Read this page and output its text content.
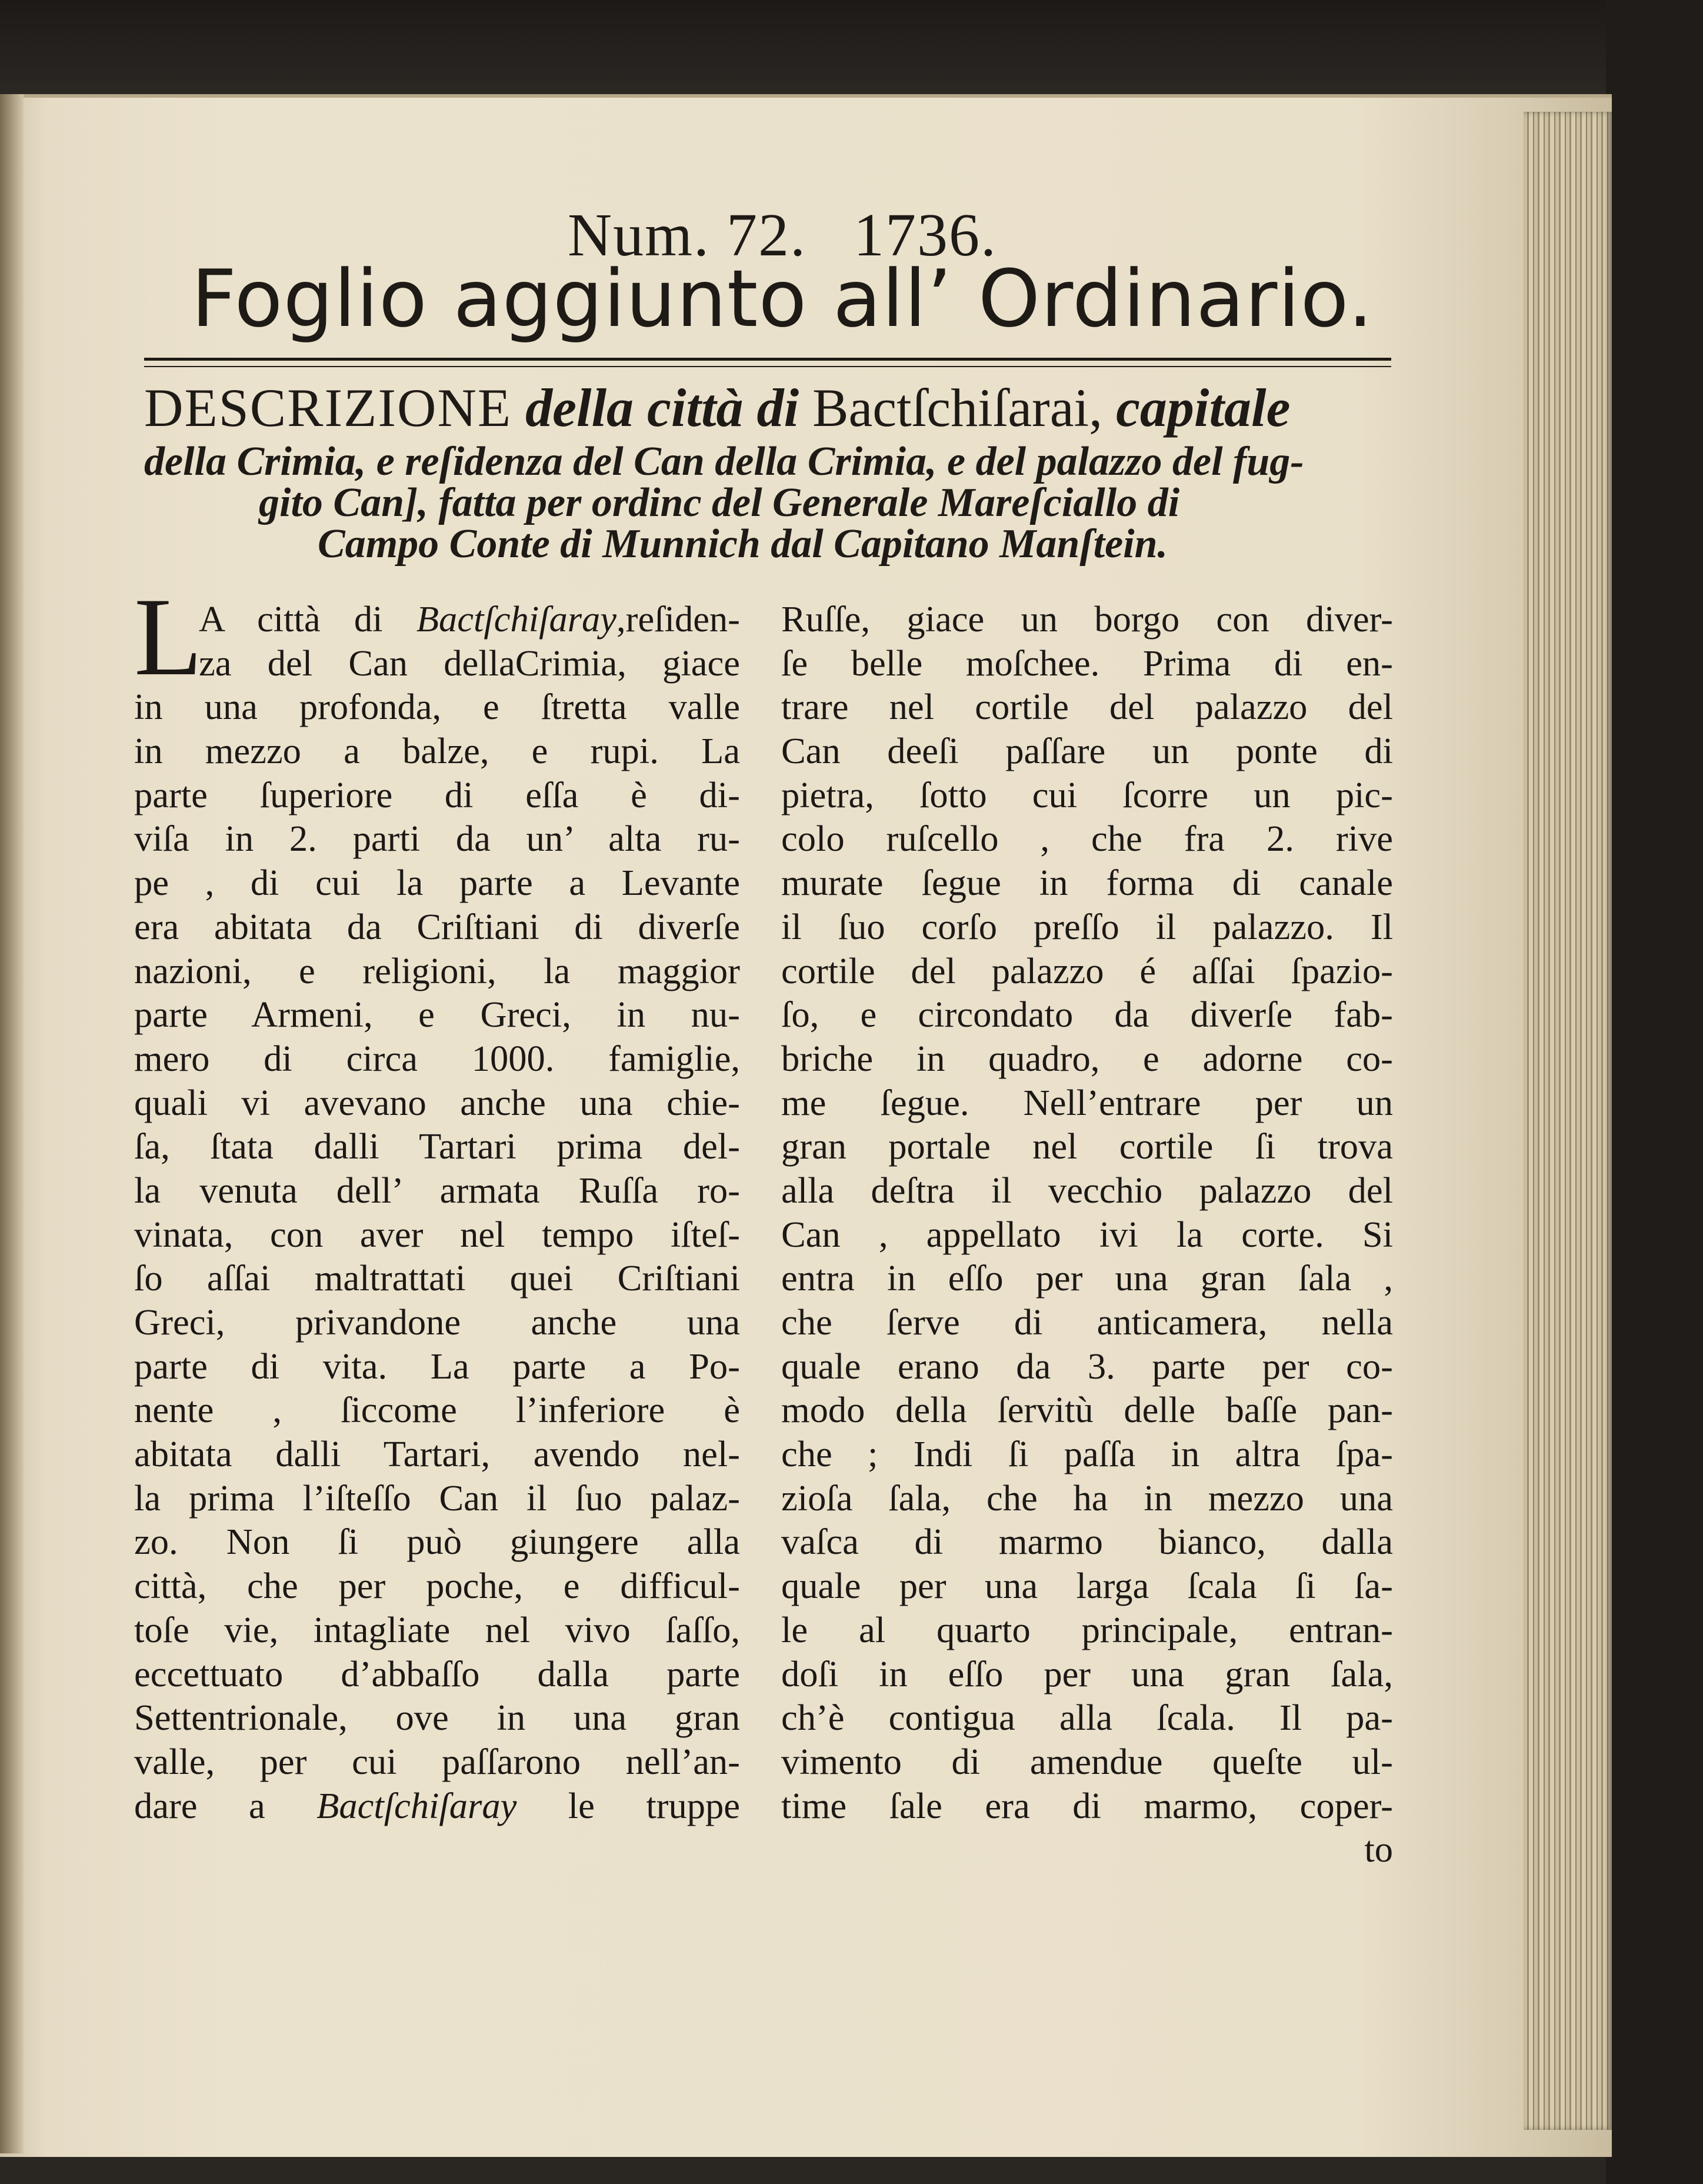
Num. 72. 1736.
Foglio aggiunto all’ Ordinario.
DESCRIZIONE della città di Bactſchiſarai, capitale
della Crimia, e reſidenza del Can della Crimia, e del palazzo del fug-
gito Can], fatta per ordinc del Generale Mareſciallo di
Campo Conte di Munnich dal Capitano Manſtein.
L
A città di Bactſchiſaray,reſiden-
za del Can dellaCrimia, giace
in una profonda, e ſtretta valle
in mezzo a balze, e rupi. La
parte ſuperiore di eſſa è di-
viſa in 2. parti da un’ alta ru-
pe , di cui la parte a Levante
era abitata da Criſtiani di diverſe
nazioni, e religioni, la maggior
parte Armeni, e Greci, in nu-
mero di circa 1000. famiglie,
quali vi avevano anche una chie-
ſa, ſtata dalli Tartari prima del-
la venuta dell’ armata Ruſſa ro-
vinata, con aver nel tempo iſteſ-
ſo aſſai maltrattati quei Criſtiani
Greci, privandone anche una
parte di vita. La parte a Po-
nente , ſiccome l’inferiore è
abitata dalli Tartari, avendo nel-
la prima l’iſteſſo Can il ſuo palaz-
zo. Non ſi può giungere alla
città, che per poche, e difficul-
toſe vie, intagliate nel vivo ſaſſo,
eccettuato d’abbaſſo dalla parte
Settentrionale, ove in una gran
valle, per cui paſſarono nell’an-
dare a Bactſchiſaray le truppe
Ruſſe, giace un borgo con diver-
ſe belle moſchee. Prima di en-
trare nel cortile del palazzo del
Can deeſi paſſare un ponte di
pietra, ſotto cui ſcorre un pic-
colo ruſcello , che fra 2. rive
murate ſegue in forma di canale
il ſuo corſo preſſo il palazzo. Il
cortile del palazzo é aſſai ſpazio-
ſo, e circondato da diverſe fab-
briche in quadro, e adorne co-
me ſegue. Nell’entrare per un
gran portale nel cortile ſi trova
alla deſtra il vecchio palazzo del
Can , appellato ivi la corte. Si
entra in eſſo per una gran ſala ,
che ſerve di anticamera, nella
quale erano da 3. parte per co-
modo della ſervitù delle baſſe pan-
che ; Indi ſi paſſa in altra ſpa-
zioſa ſala, che ha in mezzo una
vaſca di marmo bianco, dalla
quale per una larga ſcala ſi ſa-
le al quarto principale, entran-
doſi in eſſo per una gran ſala,
ch’è contigua alla ſcala. Il pa-
vimento di amendue queſte ul-
time ſale era di marmo, coper-
to
